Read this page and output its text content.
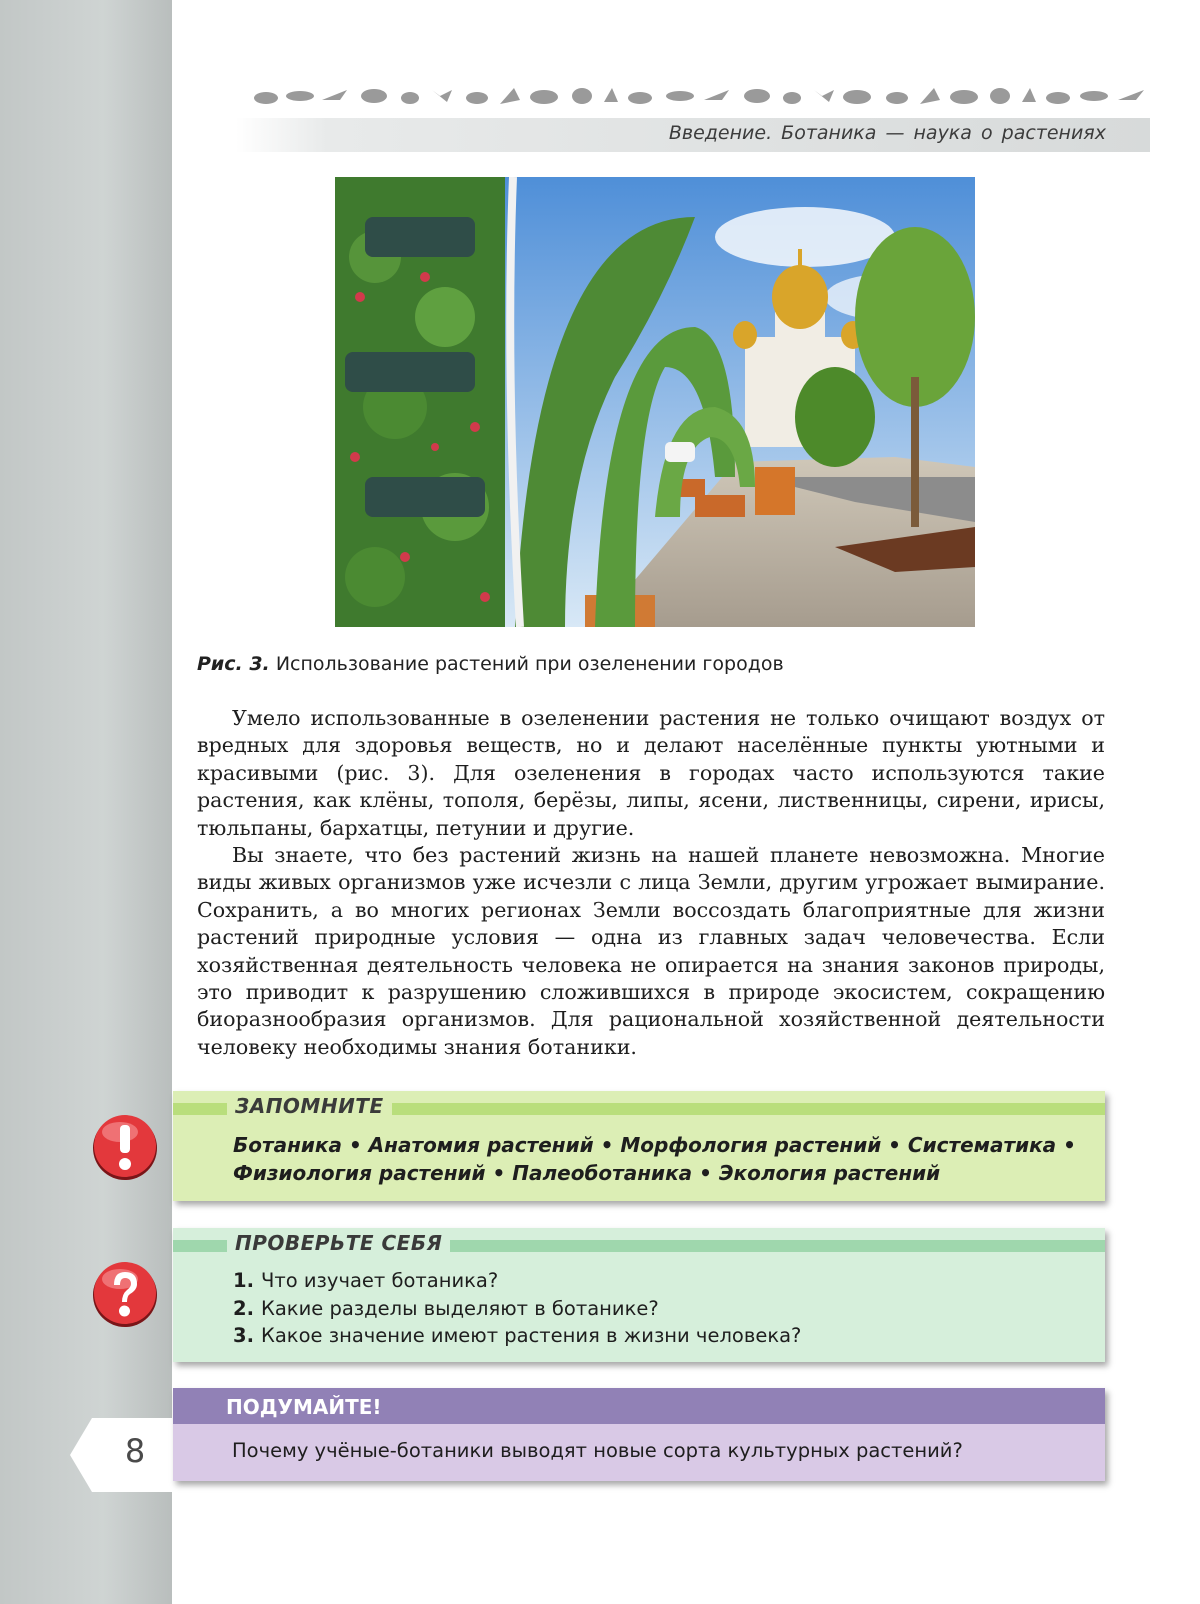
Введение. Ботаника — наука о растениях
Рис. 3. Использование растений при озеленении городов

Умело использованные в озеленении растения не только очищают воздух от вредных для здоровья веществ, но и делают населённые пункты уютными и красивыми (рис. 3). Для озеленения в городах часто используются такие растения, как клёны, тополя, берёзы, липы, ясени, лиственницы, сирени, ирисы, тюльпаны, бархатцы, петунии и другие.

Вы знаете, что без растений жизнь на нашей планете невозможна. Многие виды живых организмов уже исчезли с лица Земли, другим угрожает вымирание. Сохранить, а во многих регионах Земли воссоздать благоприятные для жизни растений природные условия — одна из главных задач человечества. Если хозяйственная деятельность человека не опирается на знания законов природы, это приводит к разрушению сложившихся в природе экосистем, сокращению биоразнообразия организмов. Для рациональной хозяйственной деятельности человеку необходимы знания ботаники.

ЗАПОМНИТЕ
Ботаника • Анатомия растений • Морфология растений • Систематика •
Физиология растений • Палеоботаника • Экология растений
ПРОВЕРЬТЕ СЕБЯ
1. Что изучает ботаника?
2. Какие разделы выделяют в ботанике?
3. Какое значение имеют растения в жизни человека?
8
ПОДУМАЙТЕ!
Почему учёные-ботаники выводят новые сорта культурных растений?
